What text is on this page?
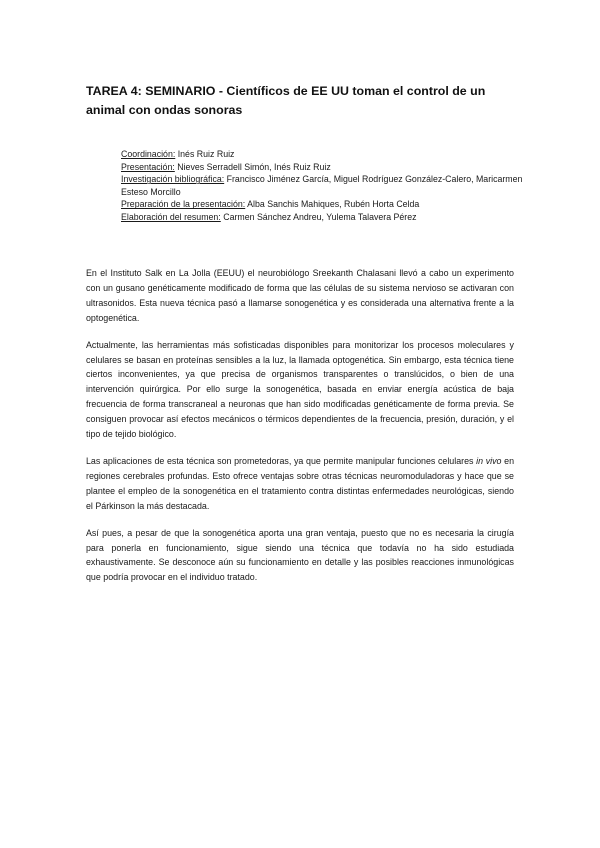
TAREA 4: SEMINARIO - Científicos de EE UU toman el control de un animal con ondas sonoras

Coordinación: Inés Ruiz Ruiz

Presentación: Nieves Serradell Simón, Inés Ruiz Ruiz

Investigación bibliográfica: Francisco Jiménez García, Miguel Rodríguez González-Calero, Maricarmen Esteso Morcillo

Preparación de la presentación: Alba Sanchis Mahiques, Rubén Horta Celda

Elaboración del resumen: Carmen Sánchez Andreu, Yulema Talavera Pérez

En el Instituto Salk en La Jolla (EEUU) el neurobiólogo Sreekanth Chalasani llevó a cabo un experimento con un gusano genéticamente modificado de forma que las células de su sistema nervioso se activaran con ultrasonidos. Esta nueva técnica pasó a llamarse sonogenética y es considerada una alternativa frente a la optogenética.

Actualmente, las herramientas más sofisticadas disponibles para monitorizar los procesos moleculares y celulares se basan en proteínas sensibles a la luz, la llamada optogenética. Sin embargo, esta técnica tiene ciertos inconvenientes, ya que precisa de organismos transparentes o translúcidos, o bien de una intervención quirúrgica. Por ello surge la sonogenética, basada en enviar energía acústica de baja frecuencia de forma transcraneal a neuronas que han sido modificadas genéticamente de forma previa. Se consiguen provocar así efectos mecánicos o térmicos dependientes de la frecuencia, presión, duración, y el tipo de tejido biológico.

Las aplicaciones de esta técnica son prometedoras, ya que permite manipular funciones celulares in vivo en regiones cerebrales profundas. Esto ofrece ventajas sobre otras técnicas neuromoduladoras y hace que se plantee el empleo de la sonogenética en el tratamiento contra distintas enfermedades neurológicas, siendo el Párkinson la más destacada.

Así pues, a pesar de que la sonogenética aporta una gran ventaja, puesto que no es necesaria la cirugía para ponerla en funcionamiento, sigue siendo una técnica que todavía no ha sido estudiada exhaustivamente. Se desconoce aún su funcionamiento en detalle y las posibles reacciones inmunológicas que podría provocar en el individuo tratado.
